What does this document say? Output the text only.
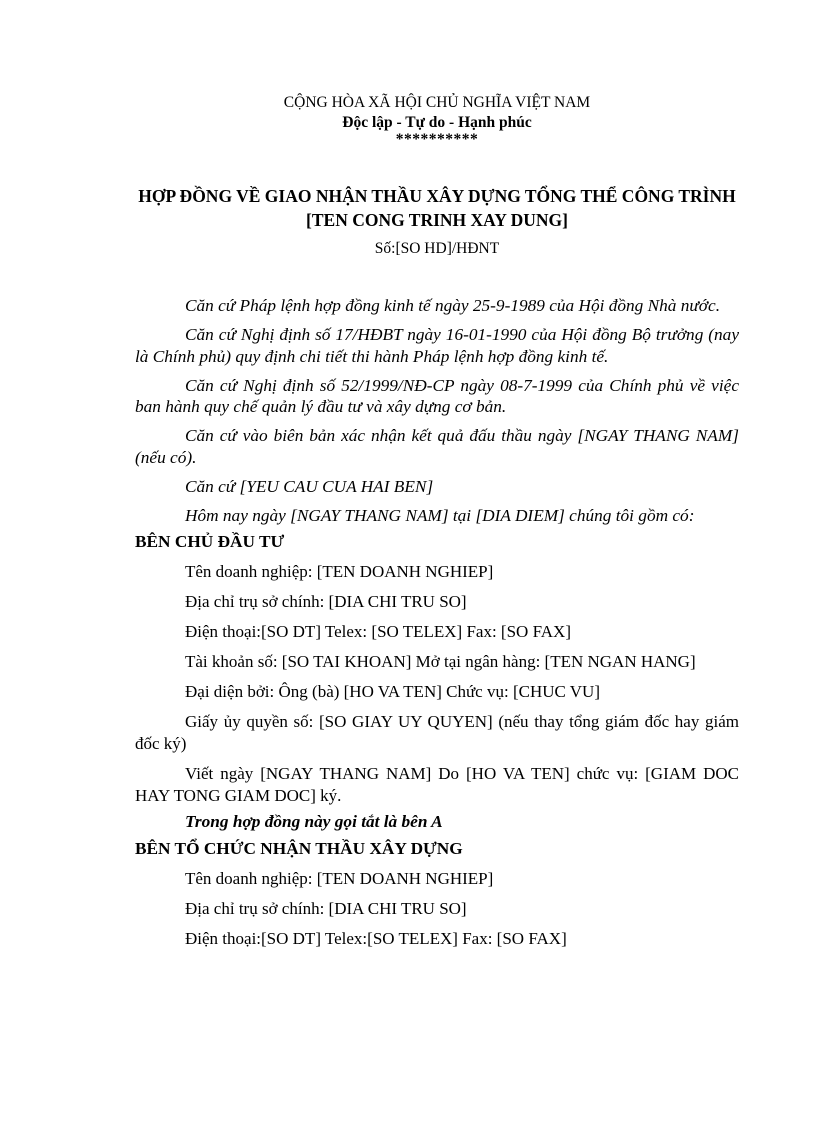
CỘNG HÒA XÃ HỘI CHỦ NGHĨA VIỆT NAM

Độc lập - Tự do - Hạnh phúc

**********

HỢP ĐỒNG VỀ GIAO NHẬN THẦU XÂY DỰNG TỔNG THỂ CÔNG TRÌNH [TEN CONG TRINH XAY DUNG]

Số:[SO HD]/HĐNT

Căn cứ Pháp lệnh hợp đồng kinh tế ngày 25-9-1989 của Hội đồng Nhà nước.

Căn cứ Nghị định số 17/HĐBT ngày 16-01-1990 của Hội đồng Bộ trưởng (nay là Chính phủ) quy định chi tiết thi hành Pháp lệnh hợp đồng kinh tế.

Căn cứ Nghị định số 52/1999/NĐ-CP ngày 08-7-1999 của Chính phủ về việc ban hành quy chế quản lý đầu tư và xây dựng cơ bản.

Căn cứ vào biên bản xác nhận kết quả đấu thầu ngày [NGAY THANG NAM] (nếu có).

Căn cứ [YEU CAU CUA HAI BEN]

Hôm nay ngày [NGAY THANG NAM] tại [DIA DIEM] chúng tôi gồm có:

BÊN CHỦ ĐẦU TƯ

Tên doanh nghiệp: [TEN DOANH NGHIEP]

Địa chỉ trụ sở chính: [DIA CHI TRU SO]

Điện thoại:[SO DT] Telex: [SO TELEX] Fax: [SO FAX]

Tài khoản số: [SO TAI KHOAN] Mở tại ngân hàng: [TEN NGAN HANG]

Đại diện bởi: Ông (bà) [HO VA TEN] Chức vụ: [CHUC VU]

Giấy ủy quyền số: [SO GIAY UY QUYEN] (nếu thay tổng giám đốc hay giám đốc ký)

Viết ngày [NGAY THANG NAM] Do [HO VA TEN] chức vụ: [GIAM DOC HAY TONG GIAM DOC] ký.

Trong hợp đồng này gọi tắt là bên A

BÊN TỔ CHỨC NHẬN THẦU XÂY DỰNG

Tên doanh nghiệp: [TEN DOANH NGHIEP]

Địa chỉ trụ sở chính: [DIA CHI TRU SO]

Điện thoại:[SO DT] Telex:[SO TELEX] Fax: [SO FAX]
